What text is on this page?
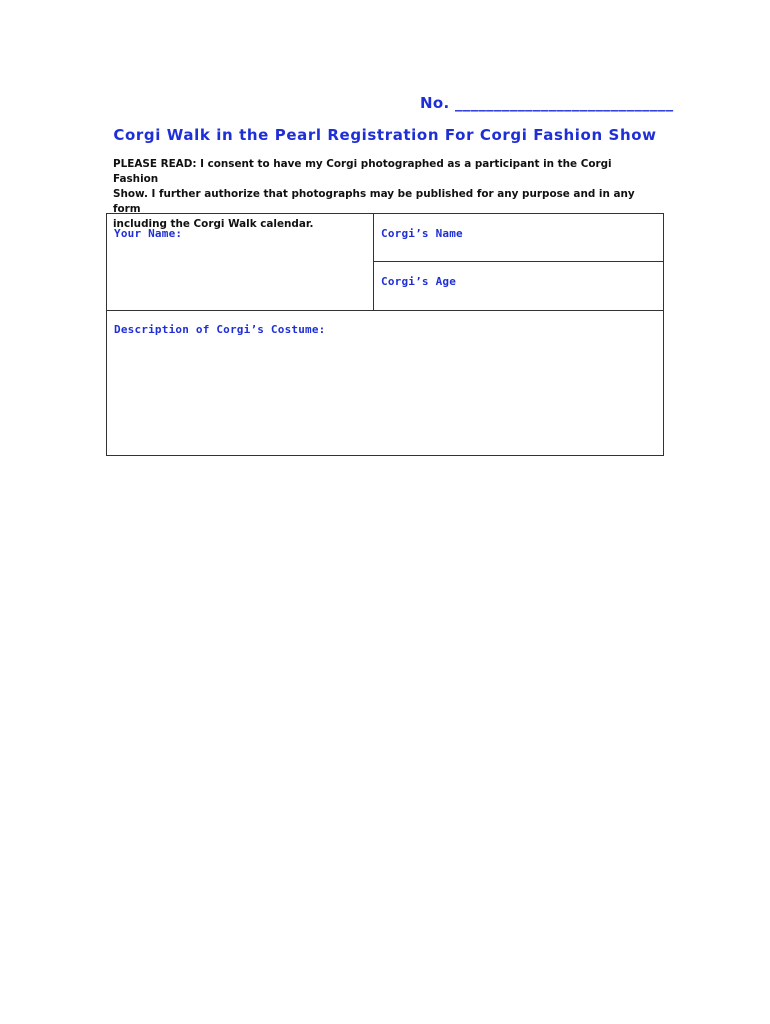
No. ____________________________
Corgi Walk in the Pearl Registration For Corgi Fashion Show
PLEASE READ: I consent to have my Corgi photographed as a participant in the Corgi Fashion
Show. I further authorize that photographs may be published for any purpose and in any form
including the Corgi Walk calendar.
Your Name:	Corgi’s Name
Corgi’s Age
Description of Corgi’s Costume:
